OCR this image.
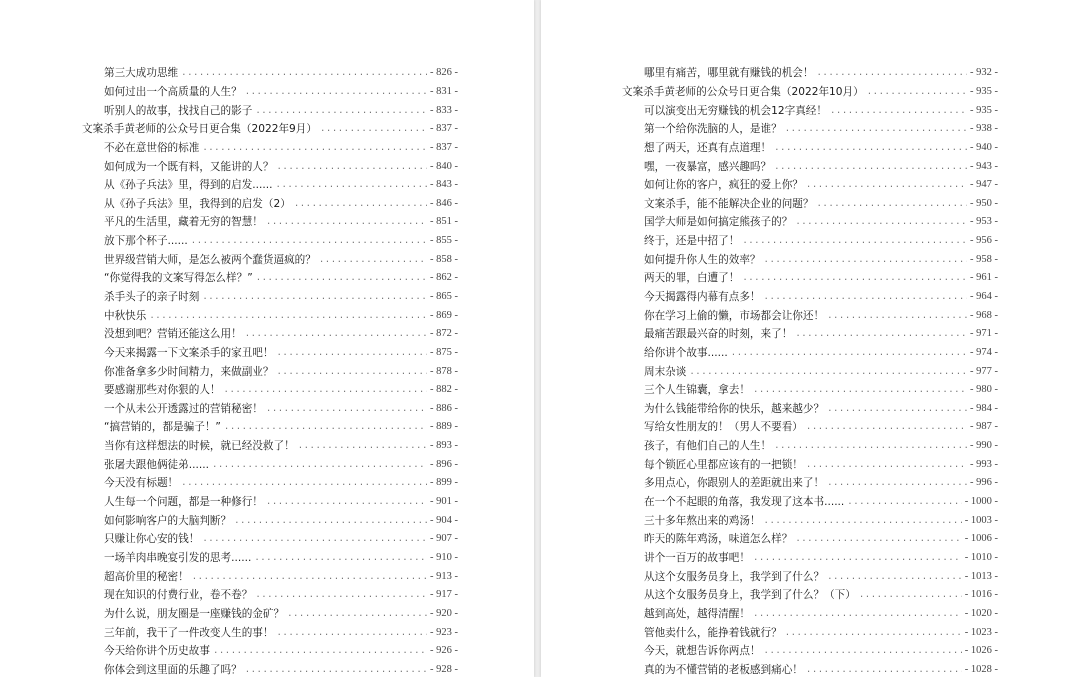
第三大成功思维 .....	- 826 -
如何过出一个高质量的人生？ .....	- 831 -
听别人的故事，找找自己的影子 .....	- 833 -
文案杀手黄老师的公众号日更合集（2022年9月） .....	- 837 -
不必在意世俗的标准 .....	- 837 -
如何成为一个既有料，又能讲的人？ .....	- 840 -
从《孙子兵法》里，得到的启发...... .....	- 843 -
从《孙子兵法》里，我得到的启发（2） .....	- 846 -
平凡的生活里，藏着无穷的智慧！ .....	- 851 -
放下那个杯子...... .....	- 855 -
世界级营销大师，是怎么被两个蠢货逼疯的？ .....	- 858 -
“你觉得我的文案写得怎么样？” .....	- 862 -
杀手头子的亲子时刻 .....	- 865 -
中秋快乐 .....	- 869 -
没想到吧？营销还能这么用！ .....	- 872 -
今天来揭露一下文案杀手的家丑吧！ .....	- 875 -
你准备拿多少时间精力，来做副业？ .....	- 878 -
要感谢那些对你狠的人！ .....	- 882 -
一个从未公开透露过的营销秘密！ .....	- 886 -
“搞营销的，都是骗子！” .....	- 889 -
当你有这样想法的时候，就已经没救了！ .....	- 893 -
张屠夫跟他俩徒弟...... .....	- 896 -
今天没有标题！ .....	- 899 -
人生每一个问题，都是一种修行！ .....	- 901 -
如何影响客户的大脑判断？ .....	- 904 -
只赚让你心安的钱！ .....	- 907 -
一场羊肉串晚宴引发的思考...... .....	- 910 -
超高价里的秘密！ .....	- 913 -
现在知识的付费行业，卷不卷？ .....	- 917 -
为什么说，朋友圈是一座赚钱的金矿？ .....	- 920 -
三年前，我干了一件改变人生的事！ .....	- 923 -
今天给你讲个历史故事 .....	- 926 -
你体会到这里面的乐趣了吗？ .....	- 928 -
哪里有痛苦，哪里就有赚钱的机会！ .....	- 932 -
文案杀手黄老师的公众号日更合集（2022年10月） .....	- 935 -
可以演变出无穷赚钱的机会12字真经！ .....	- 935 -
第一个给你洗脑的人，是谁？ .....	- 938 -
想了两天，还真有点道理！ .....	- 940 -
嘿，一夜暴富，感兴趣吗？ .....	- 943 -
如何让你的客户，疯狂的爱上你？ .....	- 947 -
文案杀手，能不能解决企业的问题？ .....	- 950 -
国学大师是如何搞定熊孩子的？ .....	- 953 -
终于，还是中招了！ .....	- 956 -
如何提升你人生的效率？ .....	- 958 -
两天的罪，白遭了！ .....	- 961 -
今天揭露得内幕有点多！ .....	- 964 -
你在学习上偷的懒，市场都会让你还！ .....	- 968 -
最痛苦跟最兴奋的时刻，来了！ .....	- 971 -
给你讲个故事...... .....	- 974 -
周末杂谈 .....	- 977 -
三个人生锦囊，拿去！ .....	- 980 -
为什么钱能带给你的快乐，越来越少？ .....	- 984 -
写给女性朋友的！（男人不要看） .....	- 987 -
孩子，有他们自己的人生！ .....	- 990 -
每个锁匠心里都应该有的一把锁！ .....	- 993 -
多用点心，你跟别人的差距就出来了！ .....	- 996 -
在一个不起眼的角落，我发现了这本书...... .....	- 1000 -
三十多年熬出来的鸡汤！ .....	- 1003 -
昨天的陈年鸡汤，味道怎么样？ .....	- 1006 -
讲个一百万的故事吧！ .....	- 1010 -
从这个女服务员身上，我学到了什么？ .....	- 1013 -
从这个女服务员身上，我学到了什么？（下） .....	- 1016 -
越到高处，越得清醒！ .....	- 1020 -
管他卖什么，能挣着钱就行？ .....	- 1023 -
今天，就想告诉你两点！ .....	- 1026 -
真的为不懂营销的老板感到痛心！ .....	- 1028 -
